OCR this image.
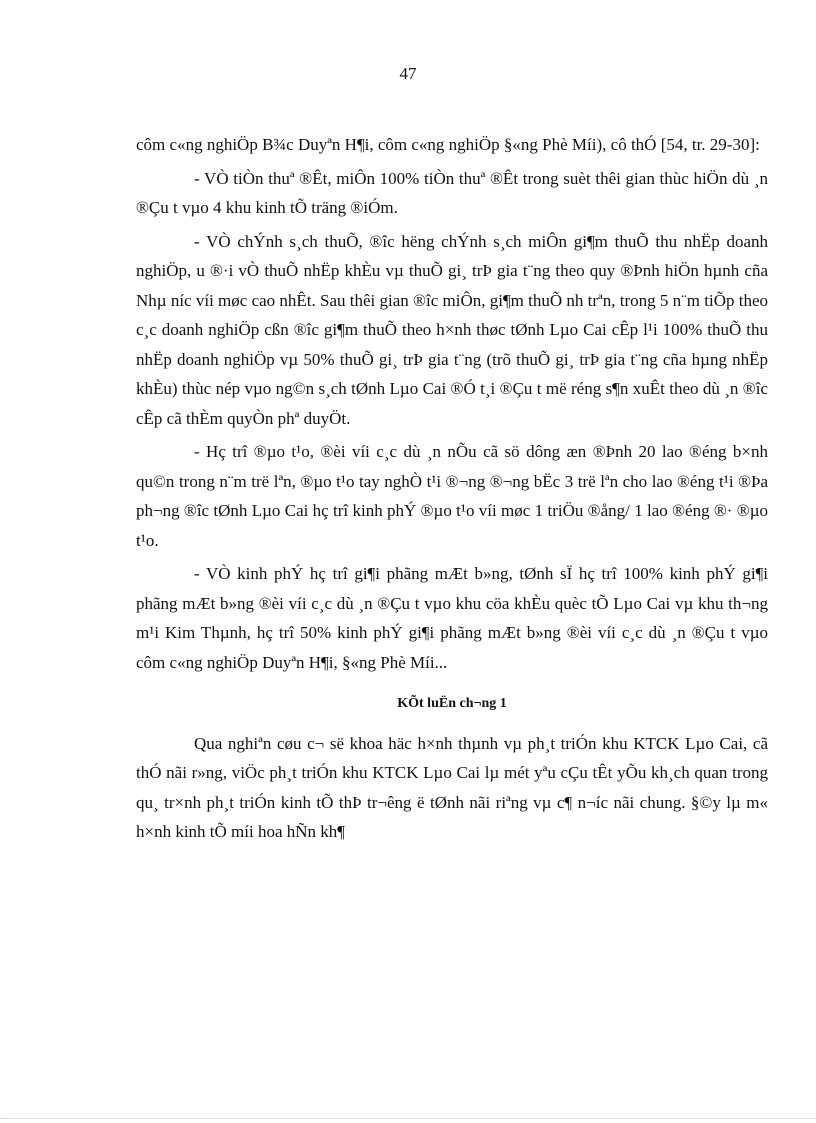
47

côm c«ng nghiÖp B¾c Duyªn H¶i, côm c«ng nghiÖp §«ng Phè Míi), cô thÓ [54, tr. 29-30]:

- VÒ tiÒn thuª ®Êt, miÔn 100% tiÒn thuª ®Êt trong suèt thêi gian thùc hiÖn dù ¸n ®Çu t vµo 4 khu kinh tÕ träng ®iÓm.

- VÒ chÝnh s¸ch thuÕ, ®îc hëng chÝnh s¸ch miÔn gi¶m thuÕ thu nhËp doanh nghiÖp, u ®·i vÒ thuÕ nhËp khÈu vµ thuÕ gi¸ trÞ gia t¨ng theo quy ®Þnh hiÖn hµnh cña Nhµ níc víi møc cao nhÊt. Sau thêi gian ®îc miÔn, gi¶m thuÕ nh trªn, trong 5 n¨m tiÕp theo c¸c doanh nghiÖp cßn ®îc gi¶m thuÕ theo h×nh thøc tØnh Lµo Cai cÊp l¹i 100% thuÕ thu nhËp doanh nghiÖp vµ 50% thuÕ gi¸ trÞ gia t¨ng (trõ thuÕ gi¸ trÞ gia t¨ng cña hµng nhËp khÈu) thùc nép vµo ng©n s¸ch tØnh Lµo Cai ®Ó t¸i ®Çu t më réng s¶n xuÊt theo dù ¸n ®îc cÊp cã thÈm quyÒn phª duyÖt.

- Hç trî ®µo t¹o, ®èi víi c¸c dù ¸n nÕu cã sö dông æn ®Þnh 20 lao ®éng b×nh qu©n trong n¨m trë lªn, ®µo t¹o tay nghÒ t¹i ®¬ng ®¬ng bËc 3 trë lªn cho lao ®éng t¹i ®Þa ph¬ng ®îc tØnh Lµo Cai hç trî kinh phÝ ®µo t¹o víi møc 1 triÖu ®ång/ 1 lao ®éng ®· ®µo t¹o.

- VÒ kinh phÝ hç trî gi¶i phãng mÆt b»ng, tØnh sÏ hç trî 100% kinh phÝ gi¶i phãng mÆt b»ng ®èi víi c¸c dù ¸n ®Çu t vµo khu cöa khÈu quèc tÕ Lµo Cai vµ khu th¬ng m¹i Kim Thµnh, hç trî 50% kinh phÝ gi¶i phãng mÆt b»ng ®èi víi c¸c dù ¸n ®Çu t vµo côm c«ng nghiÖp Duyªn H¶i, §«ng Phè Míi...

KÕt luËn ch¬ng 1

Qua nghiªn cøu c¬ së khoa häc h×nh thµnh vµ ph¸t triÓn khu KTCK Lµo Cai, cã thÓ nãi r»ng, viÖc ph¸t triÓn khu KTCK Lµo Cai lµ mét yªu cÇu tÊt yÕu kh¸ch quan trong qu¸ tr×nh ph¸t triÓn kinh tÕ thÞ tr¬êng ë tØnh nãi riªng vµ c¶ n¬íc nãi chung. §©y lµ m« h×nh kinh tÕ míi hoa hÑn kh¶
